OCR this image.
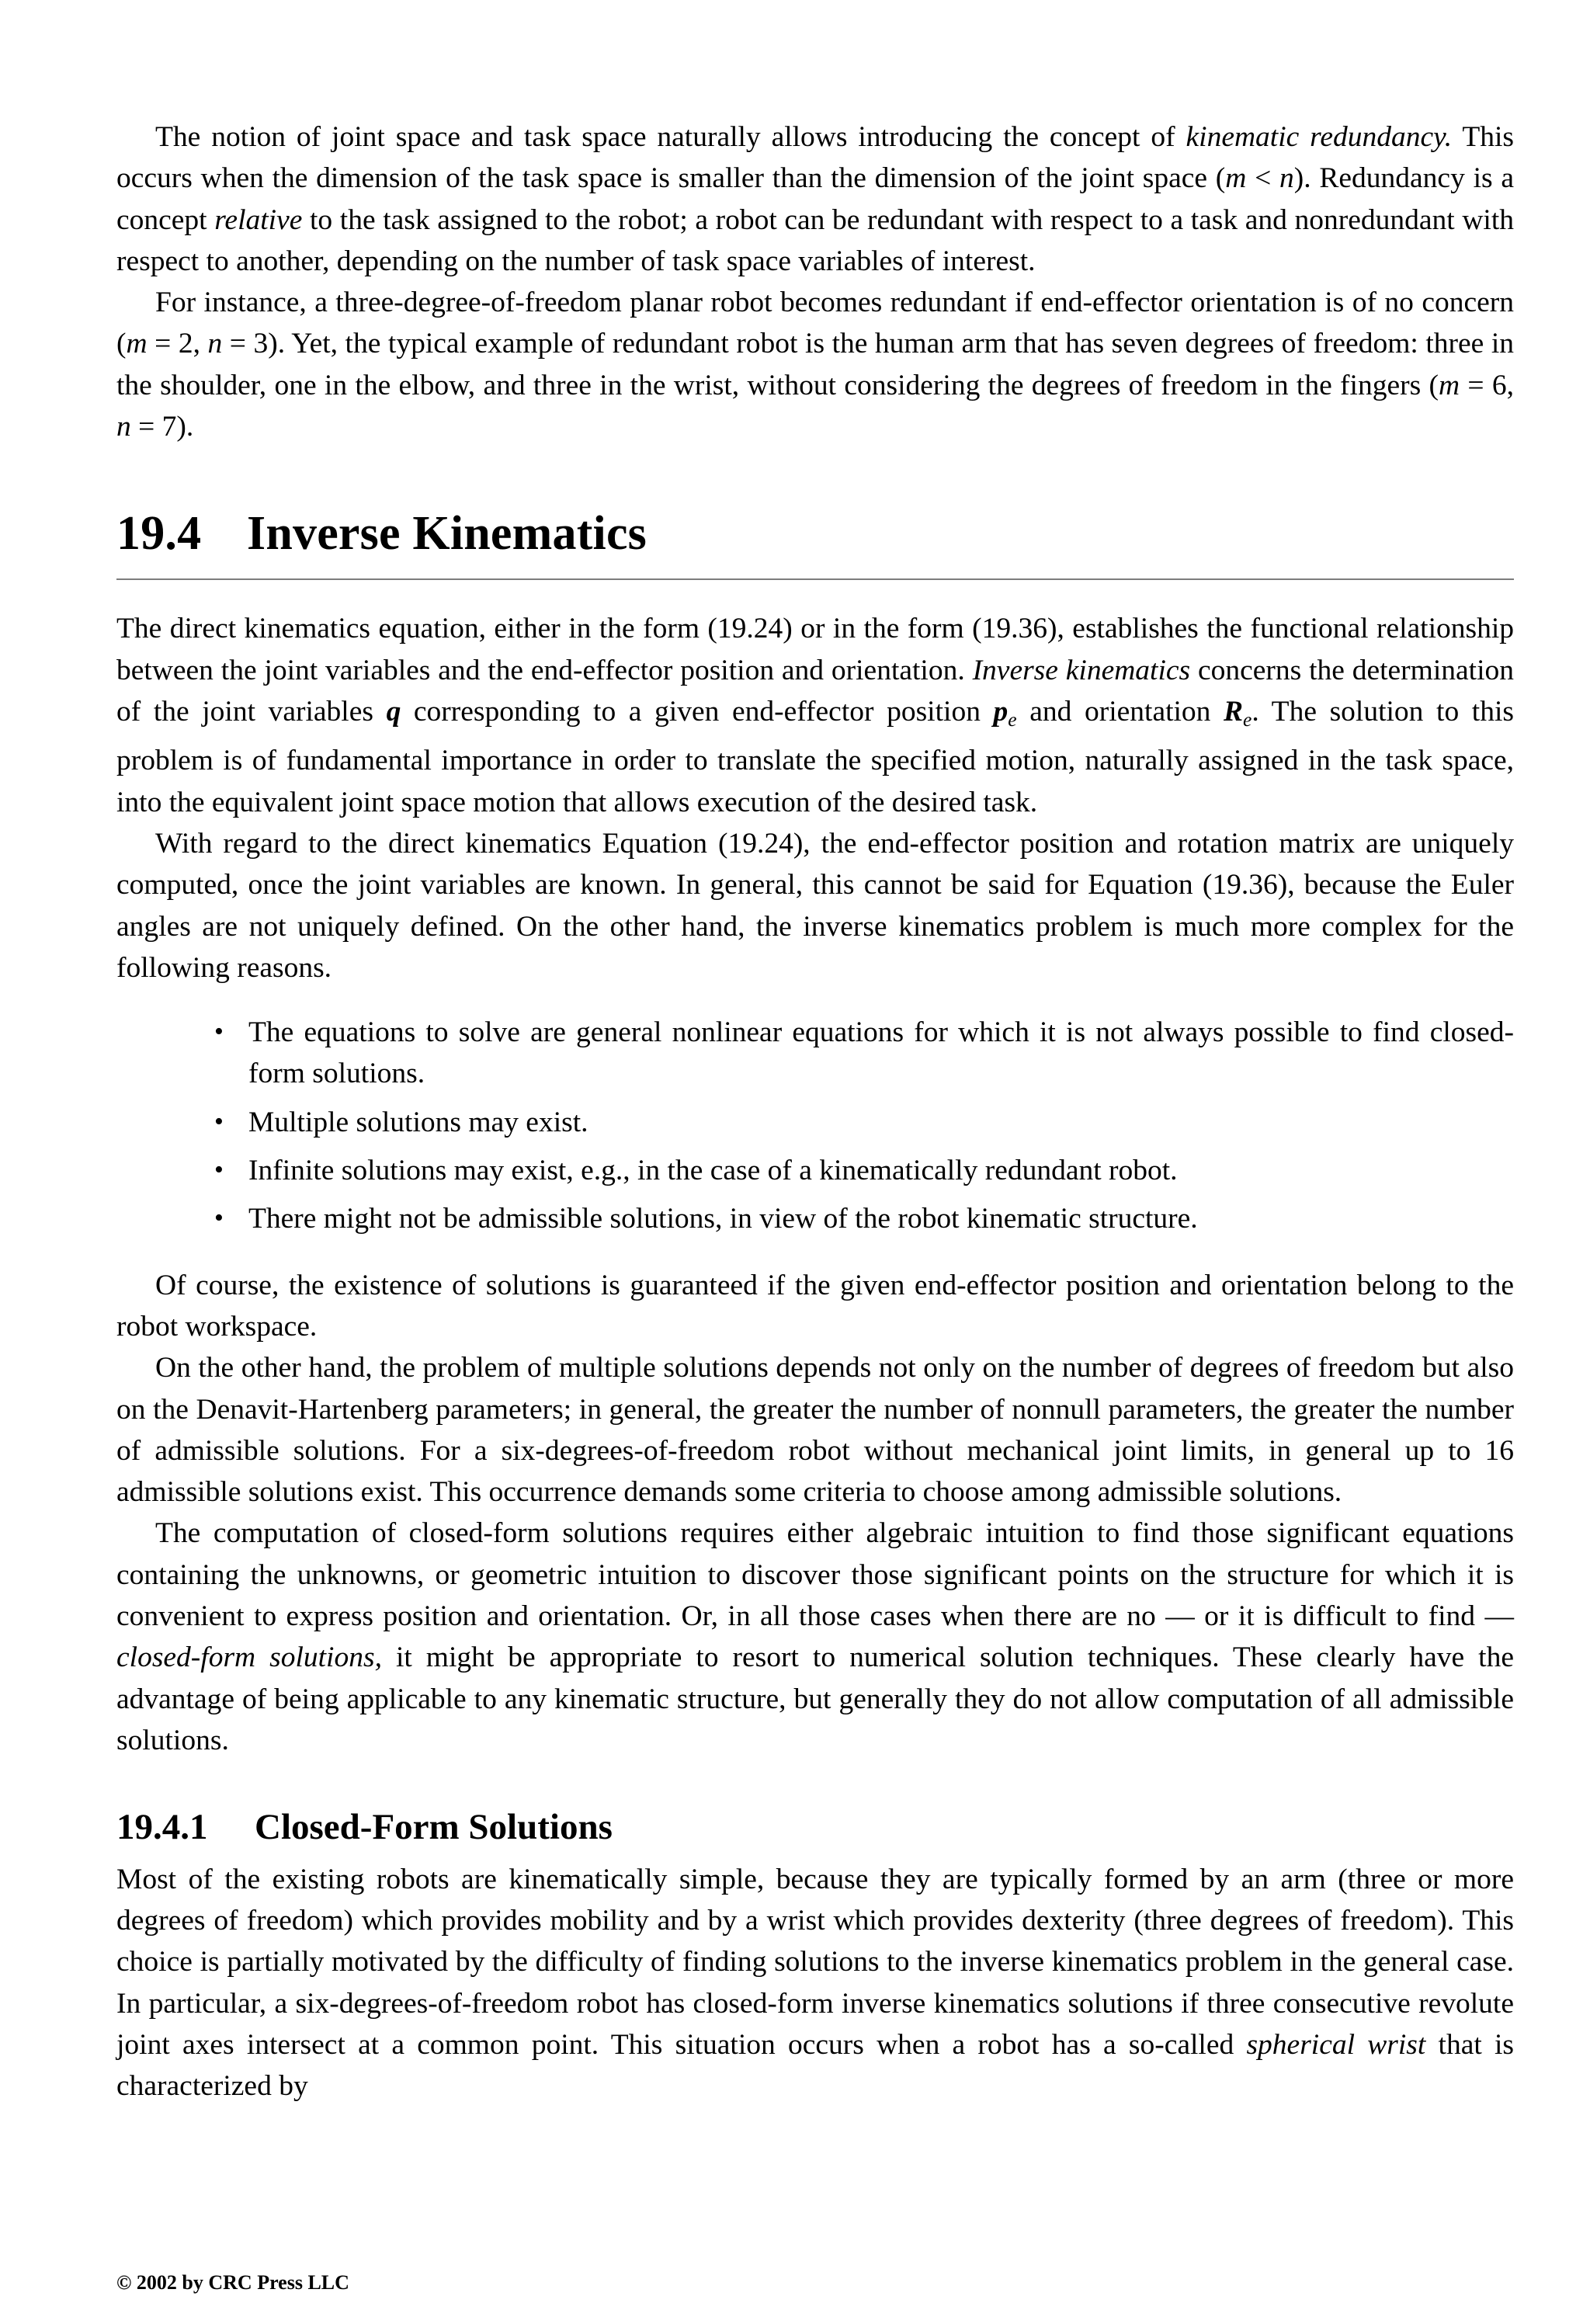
The notion of joint space and task space naturally allows introducing the concept of kinematic redundancy. This occurs when the dimension of the task space is smaller than the dimension of the joint space (m < n). Redundancy is a concept relative to the task assigned to the robot; a robot can be redundant with respect to a task and nonredundant with respect to another, depending on the number of task space variables of interest.

For instance, a three-degree-of-freedom planar robot becomes redundant if end-effector orientation is of no concern (m = 2, n = 3). Yet, the typical example of redundant robot is the human arm that has seven degrees of freedom: three in the shoulder, one in the elbow, and three in the wrist, without considering the degrees of freedom in the fingers (m = 6, n = 7).

19.4 Inverse Kinematics

The direct kinematics equation, either in the form (19.24) or in the form (19.36), establishes the functional relationship between the joint variables and the end-effector position and orientation. Inverse kinematics concerns the determination of the joint variables q corresponding to a given end-effector position $p_e$ and orientation $R_e$. The solution to this problem is of fundamental importance in order to translate the specified motion, naturally assigned in the task space, into the equivalent joint space motion that allows execution of the desired task.

With regard to the direct kinematics Equation (19.24), the end-effector position and rotation matrix are uniquely computed, once the joint variables are known. In general, this cannot be said for Equation (19.36), because the Euler angles are not uniquely defined. On the other hand, the inverse kinematics problem is much more complex for the following reasons.

• The equations to solve are general nonlinear equations for which it is not always possible to find closed-form solutions.
• Multiple solutions may exist.
• Infinite solutions may exist, e.g., in the case of a kinematically redundant robot.
• There might not be admissible solutions, in view of the robot kinematic structure.

Of course, the existence of solutions is guaranteed if the given end-effector position and orientation belong to the robot workspace.

On the other hand, the problem of multiple solutions depends not only on the number of degrees of freedom but also on the Denavit-Hartenberg parameters; in general, the greater the number of nonnull parameters, the greater the number of admissible solutions. For a six-degrees-of-freedom robot without mechanical joint limits, in general up to 16 admissible solutions exist. This occurrence demands some criteria to choose among admissible solutions.

The computation of closed-form solutions requires either algebraic intuition to find those significant equations containing the unknowns, or geometric intuition to discover those significant points on the structure for which it is convenient to express position and orientation. Or, in all those cases when there are no — or it is difficult to find — closed-form solutions, it might be appropriate to resort to numerical solution techniques. These clearly have the advantage of being applicable to any kinematic structure, but generally they do not allow computation of all admissible solutions.

19.4.1 Closed-Form Solutions

Most of the existing robots are kinematically simple, because they are typically formed by an arm (three or more degrees of freedom) which provides mobility and by a wrist which provides dexterity (three degrees of freedom). This choice is partially motivated by the difficulty of finding solutions to the inverse kinematics problem in the general case. In particular, a six-degrees-of-freedom robot has closed-form inverse kinematics solutions if three consecutive revolute joint axes intersect at a common point. This situation occurs when a robot has a so-called spherical wrist that is characterized by

© 2002 by CRC Press LLC
